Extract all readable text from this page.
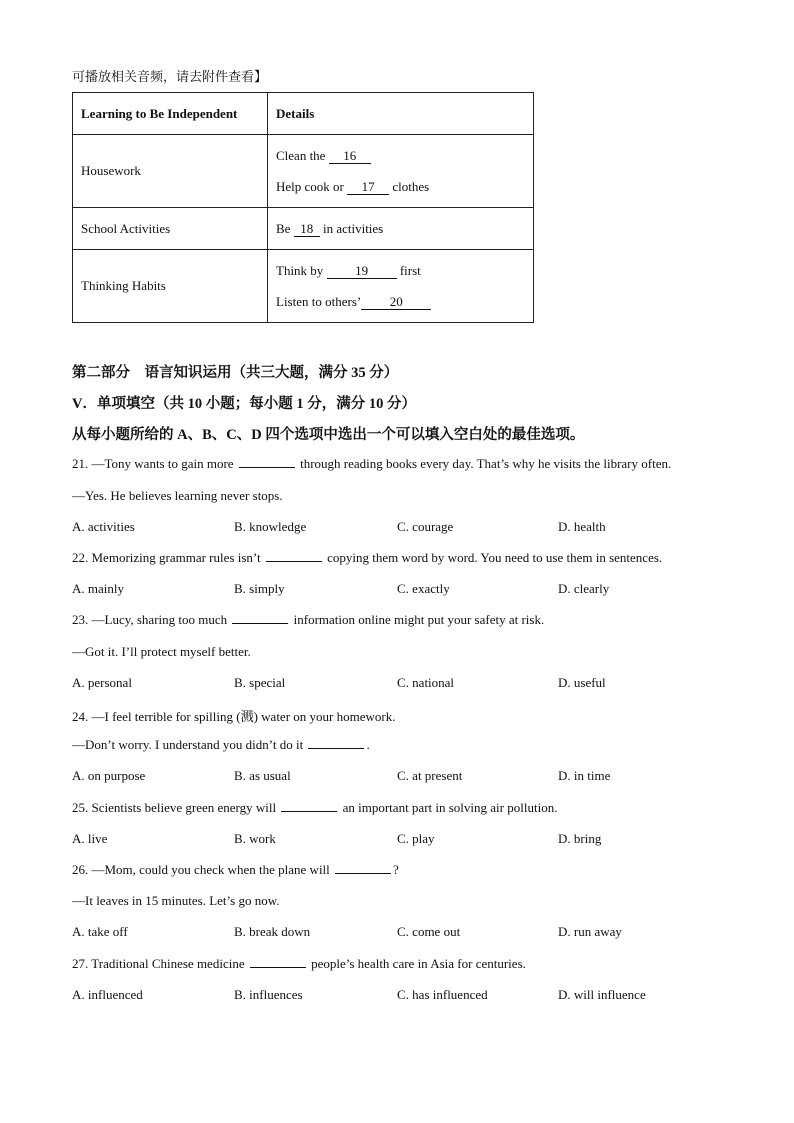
可播放相关音频，请去附件查看】
Learning to Be Independent	Details
Housework	Clean the 16
Help cook or 17 clothes

School Activities	Be 18 in activities
Thinking Habits	Think by 19 first
Listen to others’ 20
第二部分　语言知识运用（共三大题，满分 35 分）
V．单项填空（共 10 小题；每小题 1 分，满分 10 分）
从每小题所给的 A、B、C、D 四个选项中选出一个可以填入空白处的最佳选项。
21. —Tony wants to gain more	through reading books every day. That’s why he visits the library often.
—Yes. He believes learning never stops.
A. activities	B. knowledge	C. courage	D. health
22. Memorizing grammar rules isn’t	copying them word by word. You need to use them in sentences.
A. mainly	B. simply	C. exactly	D. clearly
23. —Lucy, sharing too much	information online might put your safety at risk.
—Got it. I’ll protect myself better.
A. personal	B. special	C. national	D. useful
24. —I feel terrible for spilling (溅) water on your homework.
—Don’t worry. I understand you didn’t do it	.
A. on purpose	B. as usual	C. at present	D. in time
25. Scientists believe green energy will	an important part in solving air pollution.
A. live	B. work	C. play	D. bring
26. —Mom, could you check when the plane will	?
—It leaves in 15 minutes. Let’s go now.
A. take off	B. break down	C. come out	D. run away
27. Traditional Chinese medicine	people’s health care in Asia for centuries.
A. influenced	B. influences	C. has influenced	D. will influence
